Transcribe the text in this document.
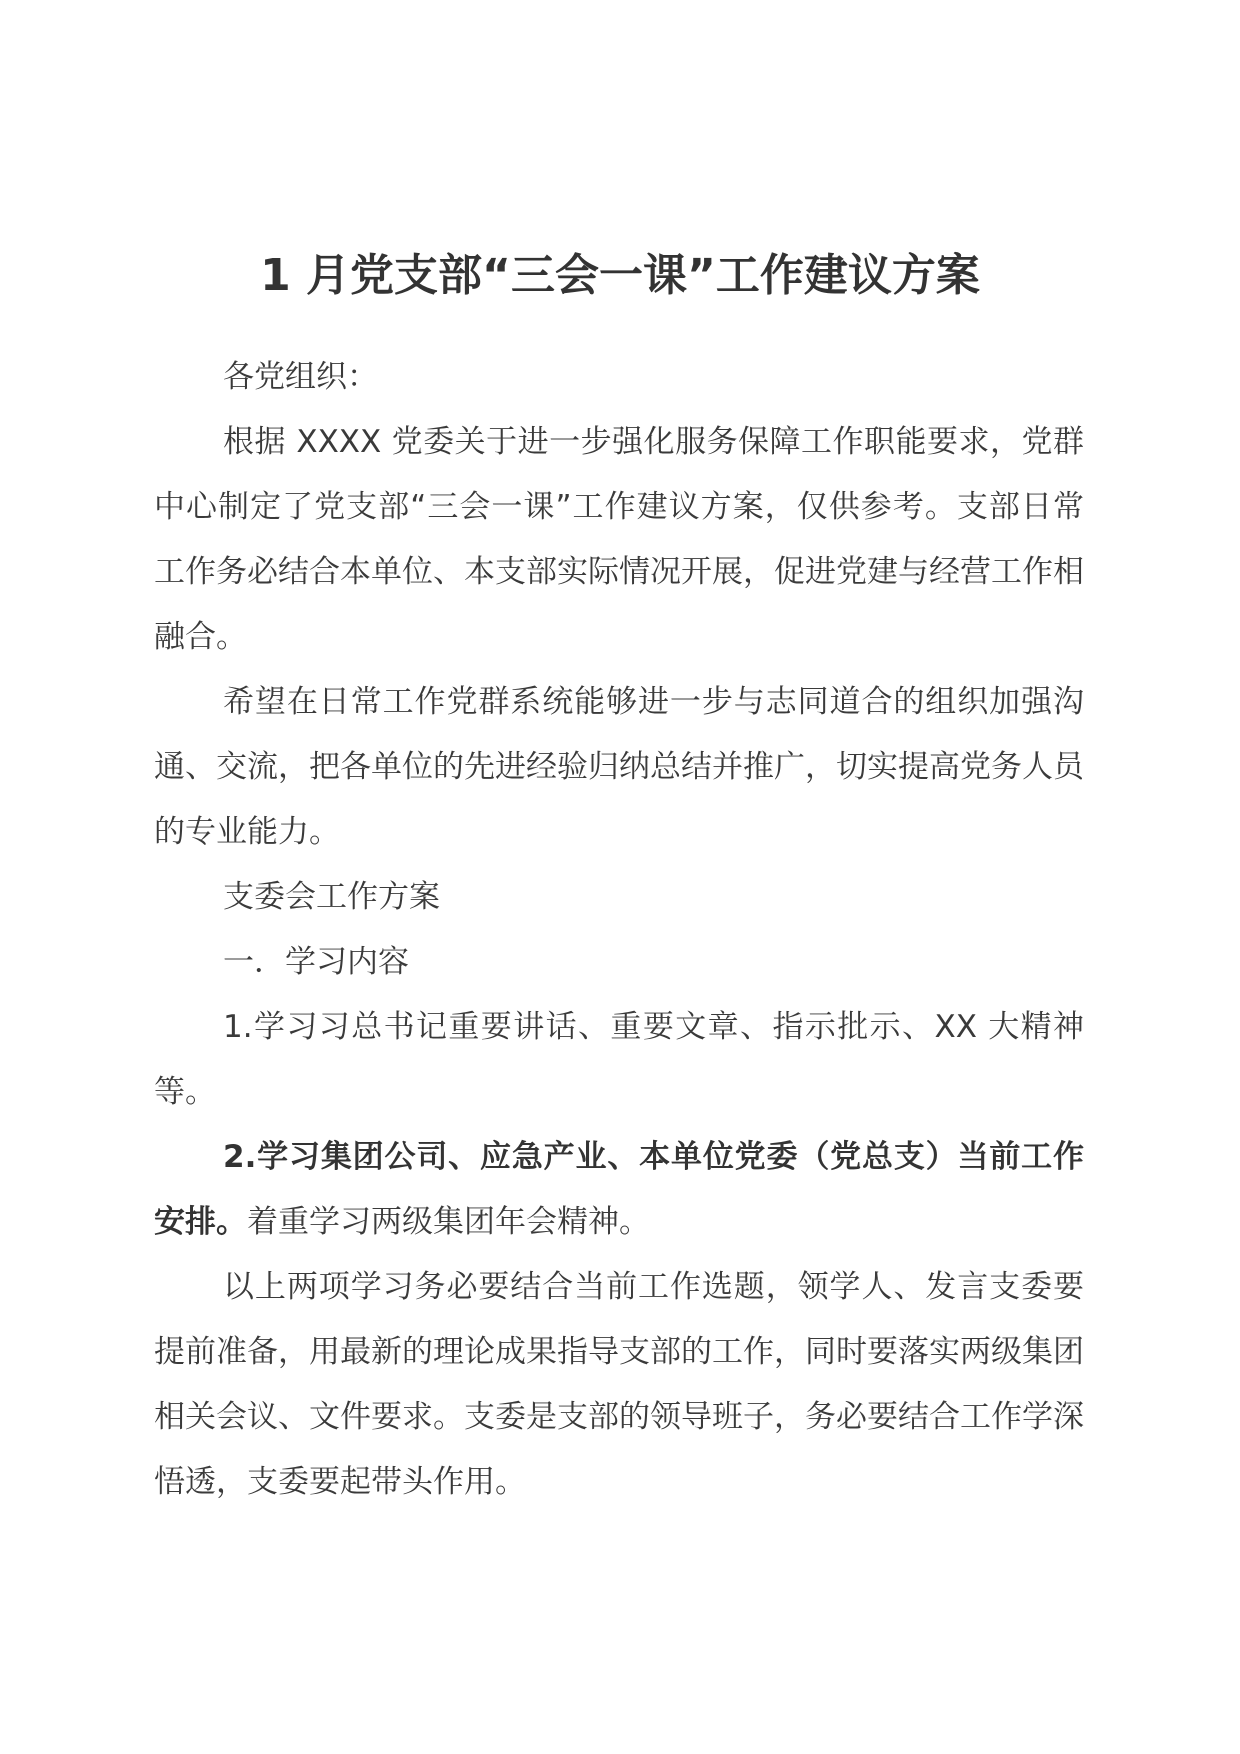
1 月党支部“三会一课”工作建议方案

各党组织：

根据 XXXX 党委关于进一步强化服务保障工作职能要求，党群中心制定了党支部“三会一课”工作建议方案，仅供参考。支部日常工作务必结合本单位、本支部实际情况开展，促进党建与经营工作相融合。

希望在日常工作党群系统能够进一步与志同道合的组织加强沟通、交流，把各单位的先进经验归纳总结并推广，切实提高党务人员的专业能力。

支委会工作方案

一．学习内容

1.学习习总书记重要讲话、重要文章、指示批示、XX 大精神等。

2.学习集团公司、应急产业、本单位党委（党总支）当前工作安排。着重学习两级集团年会精神。

以上两项学习务必要结合当前工作选题，领学人、发言支委要提前准备，用最新的理论成果指导支部的工作，同时要落实两级集团相关会议、文件要求。支委是支部的领导班子，务必要结合工作学深悟透，支委要起带头作用。
